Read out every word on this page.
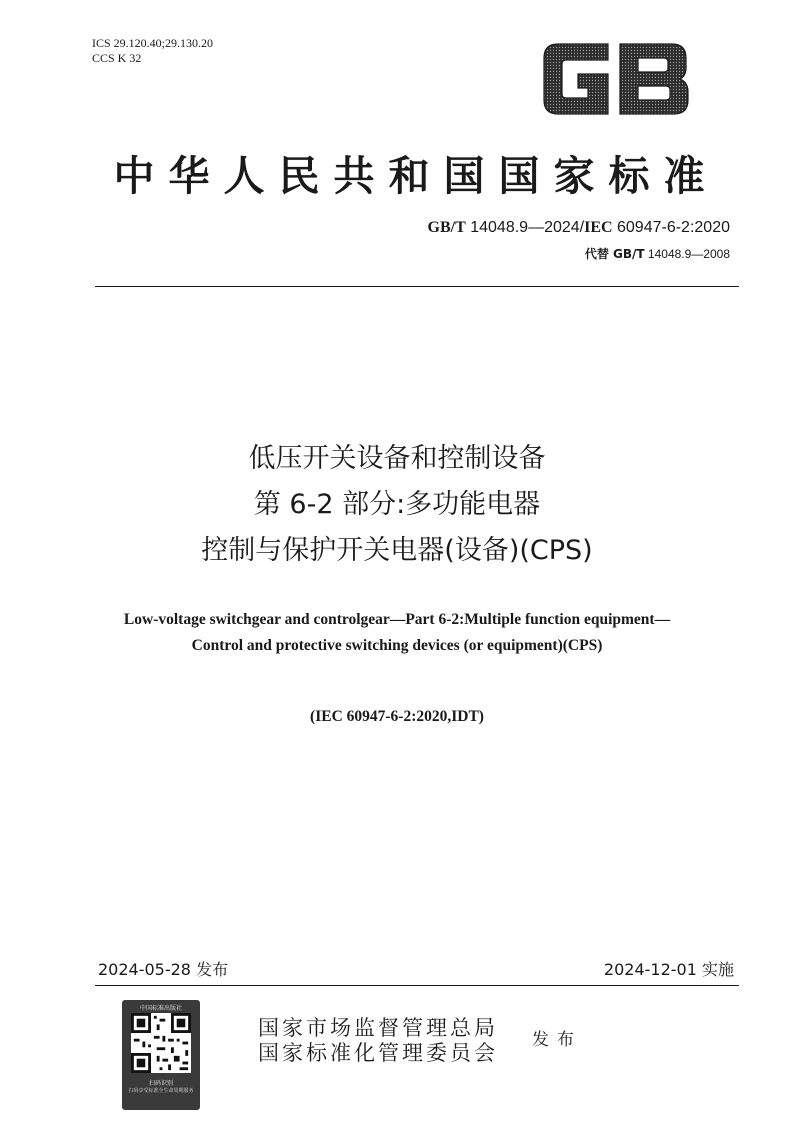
ICS 29.120.40;29.130.20
CCS K 32
GB
中华人民共和国国家标准
GB/T 14048.9—2024/IEC 60947-6-2:2020
代替 GB/T 14048.9—2008
低压开关设备和控制设备
第 6-2 部分:多功能电器
控制与保护开关电器(设备)(CPS)
Low-voltage switchgear and controlgear—Part 6-2:Multiple function equipment—
Control and protective switching devices (or equipment)(CPS)
(IEC 60947-6-2:2020,IDT)
2024-05-28 发布	2024-12-01 实施
中国标准出版社
扫码识别
扫码享受标准全生命周期服务
国家市场监督管理总局
国家标准化管理委员会
发布
